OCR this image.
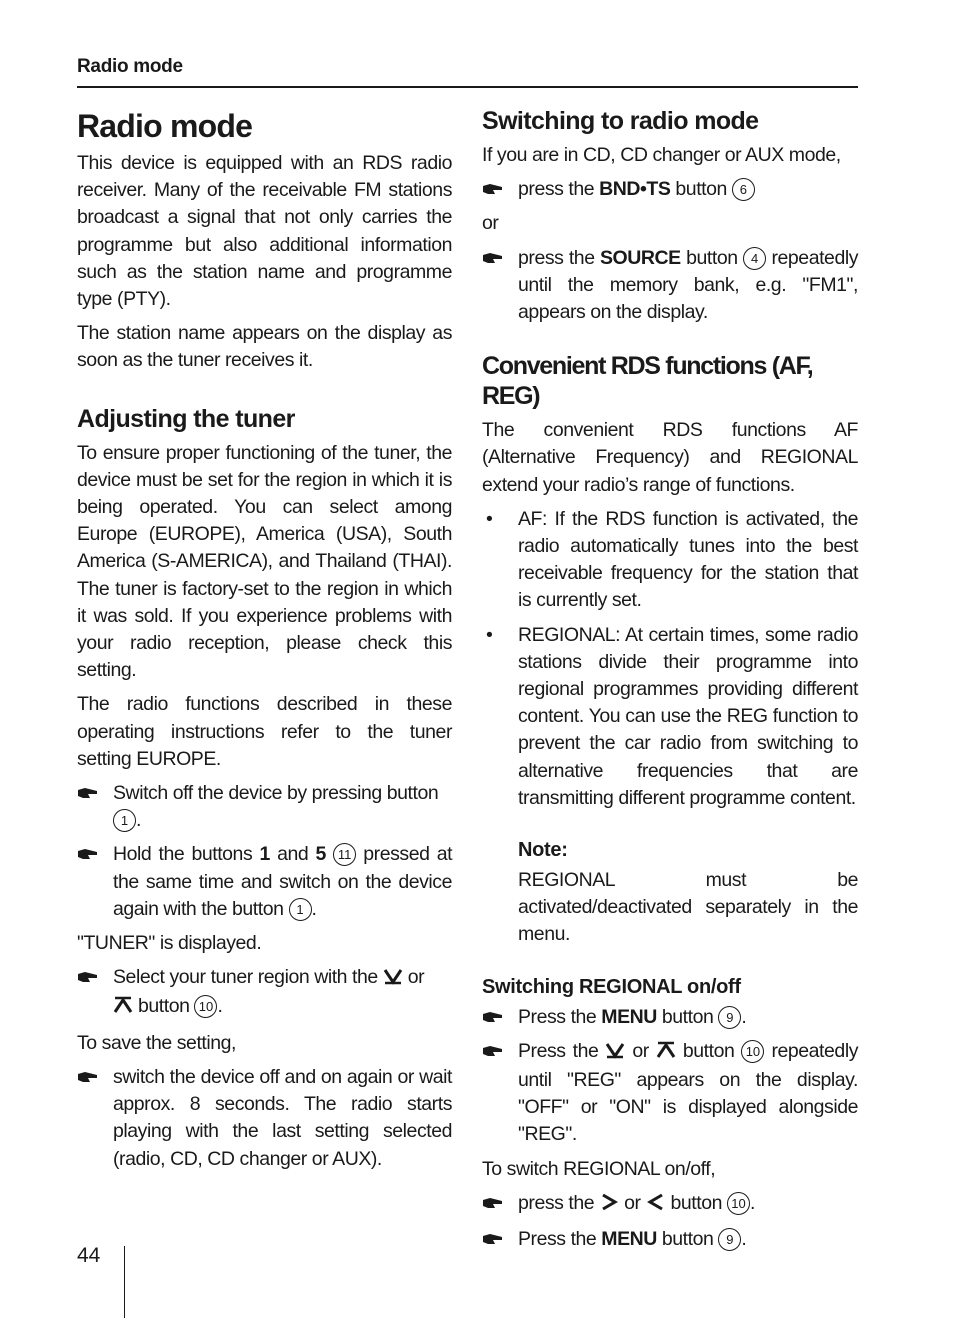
Radio mode
Radio mode
This device is equipped with an RDS radio receiver. Many of the receivable FM stations broadcast a signal that not only carries the programme but also additional information such as the station name and programme type (PTY).
The station name appears on the display as soon as the tuner receives it.
Adjusting the tuner
To ensure proper functioning of the tuner, the device must be set for the region in which it is being operated. You can select among Europe (EUROPE), America (USA), South America (S-AMERICA), and Thailand (THAI). The tuner is factory-set to the region in which it was sold. If you experience problems with your radio reception, please check this setting.
The radio functions described in these operating instructions refer to the tuner setting EUROPE.
Switch off the device by pressing button 1 .
Hold the buttons 1 and 5 11 pressed at the same time and switch on the device again with the button 1 .
"TUNER" is displayed.
Select your tuner region with the or
button 10 .
To save the setting,
switch the device off and on again or wait approx. 8 seconds. The radio starts playing with the last setting selected (radio, CD, CD changer or AUX).
Switching to radio mode
If you are in CD, CD changer or AUX mode,
press the BND•TS button 6
or
press the SOURCE button 4 repeatedly until the memory bank, e.g. "FM1", appears on the display.
Convenient RDS functions (AF, REG)
The convenient RDS functions AF (Alternative Frequency) and REGIONAL extend your radio’s range of functions.
•	AF: If the RDS function is activated, the radio automatically tunes into the best receivable frequency for the station that is currently set.
•	REGIONAL: At certain times, some radio stations divide their programme into regional programmes providing different content. You can use the REG function to prevent the car radio from switching to alternative frequencies that are transmitting different programme content.
Note:
REGIONAL must be activated/deactivated separately in the menu.
Switching REGIONAL on/off
Press the MENU button 9 .
Press the or button 10 repeatedly until "REG" appears on the display. "OFF" or "ON" is displayed alongside "REG".
To switch REGIONAL on/off,
press the or button 10 .
Press the MENU button 9 .
44
